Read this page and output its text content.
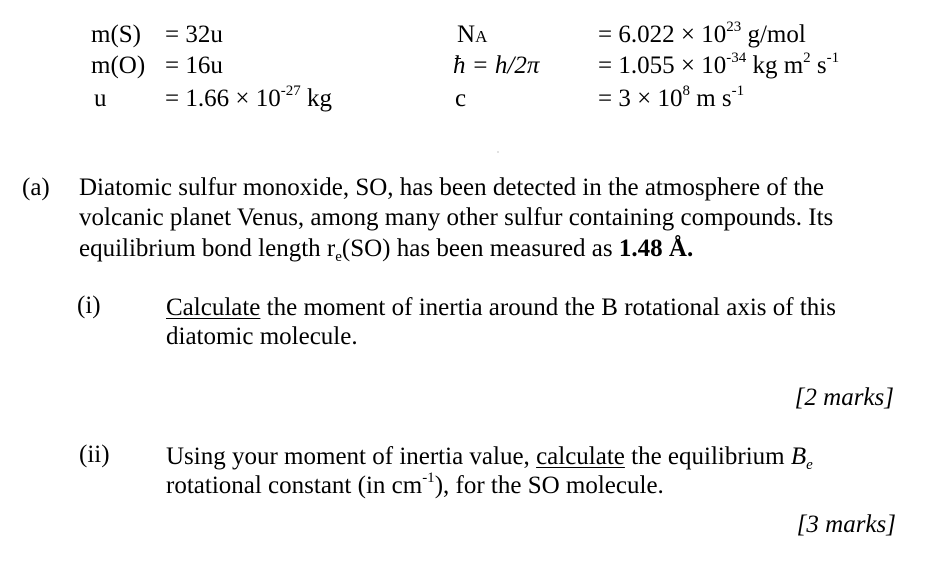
m(S)
m(O)
u
= 32u
= 16u
= $1.66 \times 10^{-27}$ kg
NA
ħ = h/2π
c
= $6.022 \times 10^{23}$ g/mol
= $1.055 \times 10^{-34}$ kg $m^2$ $s^{-1}$
= $3 \times 10^8$ m $s^{-1}$
(a) Diatomic sulfur monoxide, SO, has been detected in the atmosphere of the
volcanic planet Venus, among many other sulfur containing compounds. Its
equilibrium bond length $r_e(SO)$ has been measured as 1.48 Å.
(i)	Calculate the moment of inertia around the B rotational axis of this
diatomic molecule.
[2 marks]
(ii) Using your moment of inertia value, calculate the equilibrium $B_e$
rotational constant (in $cm^{-1}$), for the SO molecule.
[3 marks]
